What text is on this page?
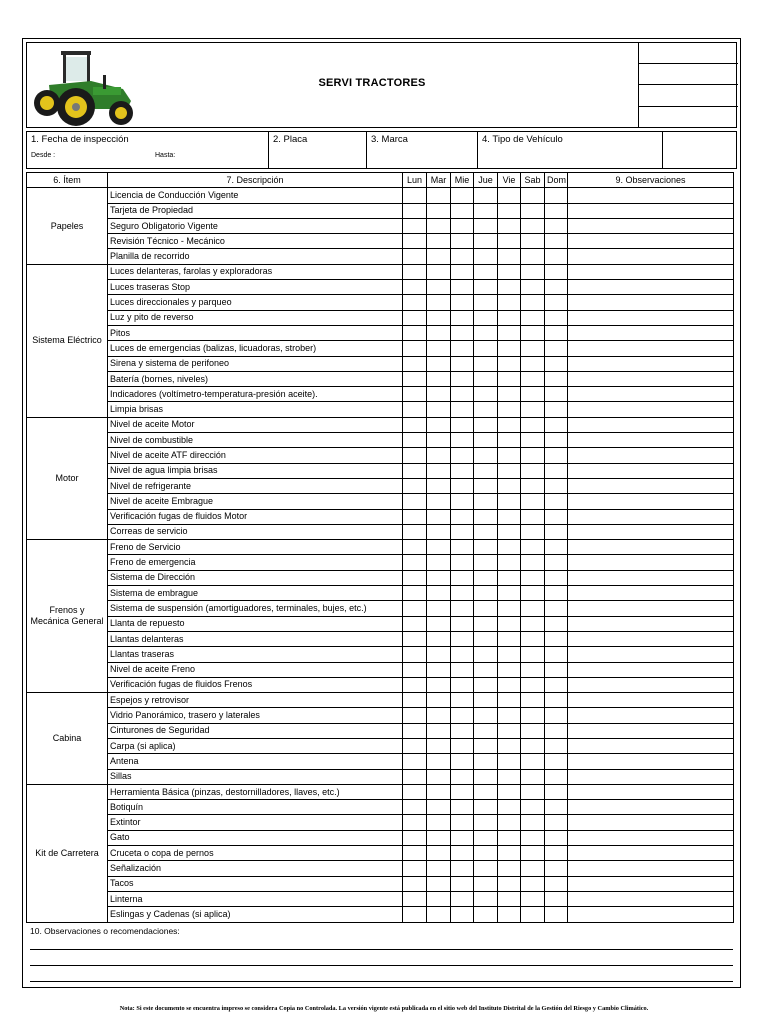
SERVI TRACTORES
1. Fecha de inspección
Desde :	Hasta:
2. Placa	3. Marca	4. Tipo de Vehículo
6. Ítem	7. Descripción	Lun	Mar	Mie	Jue	Vie	Sab	Dom	9. Observaciones
Papeles	Licencia de Conducción Vigente								
	Tarjeta de Propiedad								
	Seguro Obligatorio Vigente								
	Revisión Técnico - Mecánico								
	Planilla de recorrido								
Sistema Eléctrico	Luces delanteras, farolas y exploradoras								
	Luces traseras Stop								
	Luces direccionales y parqueo								
	Luz y pito de reverso								
	Pitos								
	Luces de emergencias (balizas, licuadoras, strober)								
	Sirena y sistema de perifoneo								
	Batería (bornes, niveles)								
	Indicadores (voltímetro-temperatura-presión aceite).								
	Limpia brisas								
Motor	Nivel de aceite Motor								
	Nivel de combustible								
	Nivel de aceite ATF dirección								
	Nivel de agua limpia brisas								
	Nivel de refrigerante								
	Nivel de aceite Embrague								
	Verificación fugas de fluidos Motor								
	Correas de servicio								
Frenos y Mecánica General	Freno de Servicio								
	Freno de emergencia								
	Sistema de Dirección								
	Sistema de embrague								
	Sistema de suspensión (amortiguadores, terminales, bujes, etc.)								
	Llanta de repuesto								
	Llantas delanteras								
	Llantas traseras								
	Nivel de aceite Freno								
	Verificación fugas de fluidos Frenos								
Cabina	Espejos y retrovisor								
	Vidrio Panorámico, trasero y laterales								
	Cinturones de Seguridad								
	Carpa (si aplica)								
	Antena								
	Sillas								
Kit de Carretera	Herramienta Básica (pinzas, destornilladores, llaves, etc.)								
	Botiquín								
	Extintor								
	Gato								
	Cruceta o copa de pernos								
	Señalización								
	Tacos								
	Linterna								
	Eslingas y Cadenas (si aplica)								
10. Observaciones o recomendaciones:
Nota: Si este documento se encuentra impreso se considera Copia no Controlada. La versión vigente está publicada en el sitio web del Instituto Distrital de la Gestión del Riesgo y Cambio Climático.
